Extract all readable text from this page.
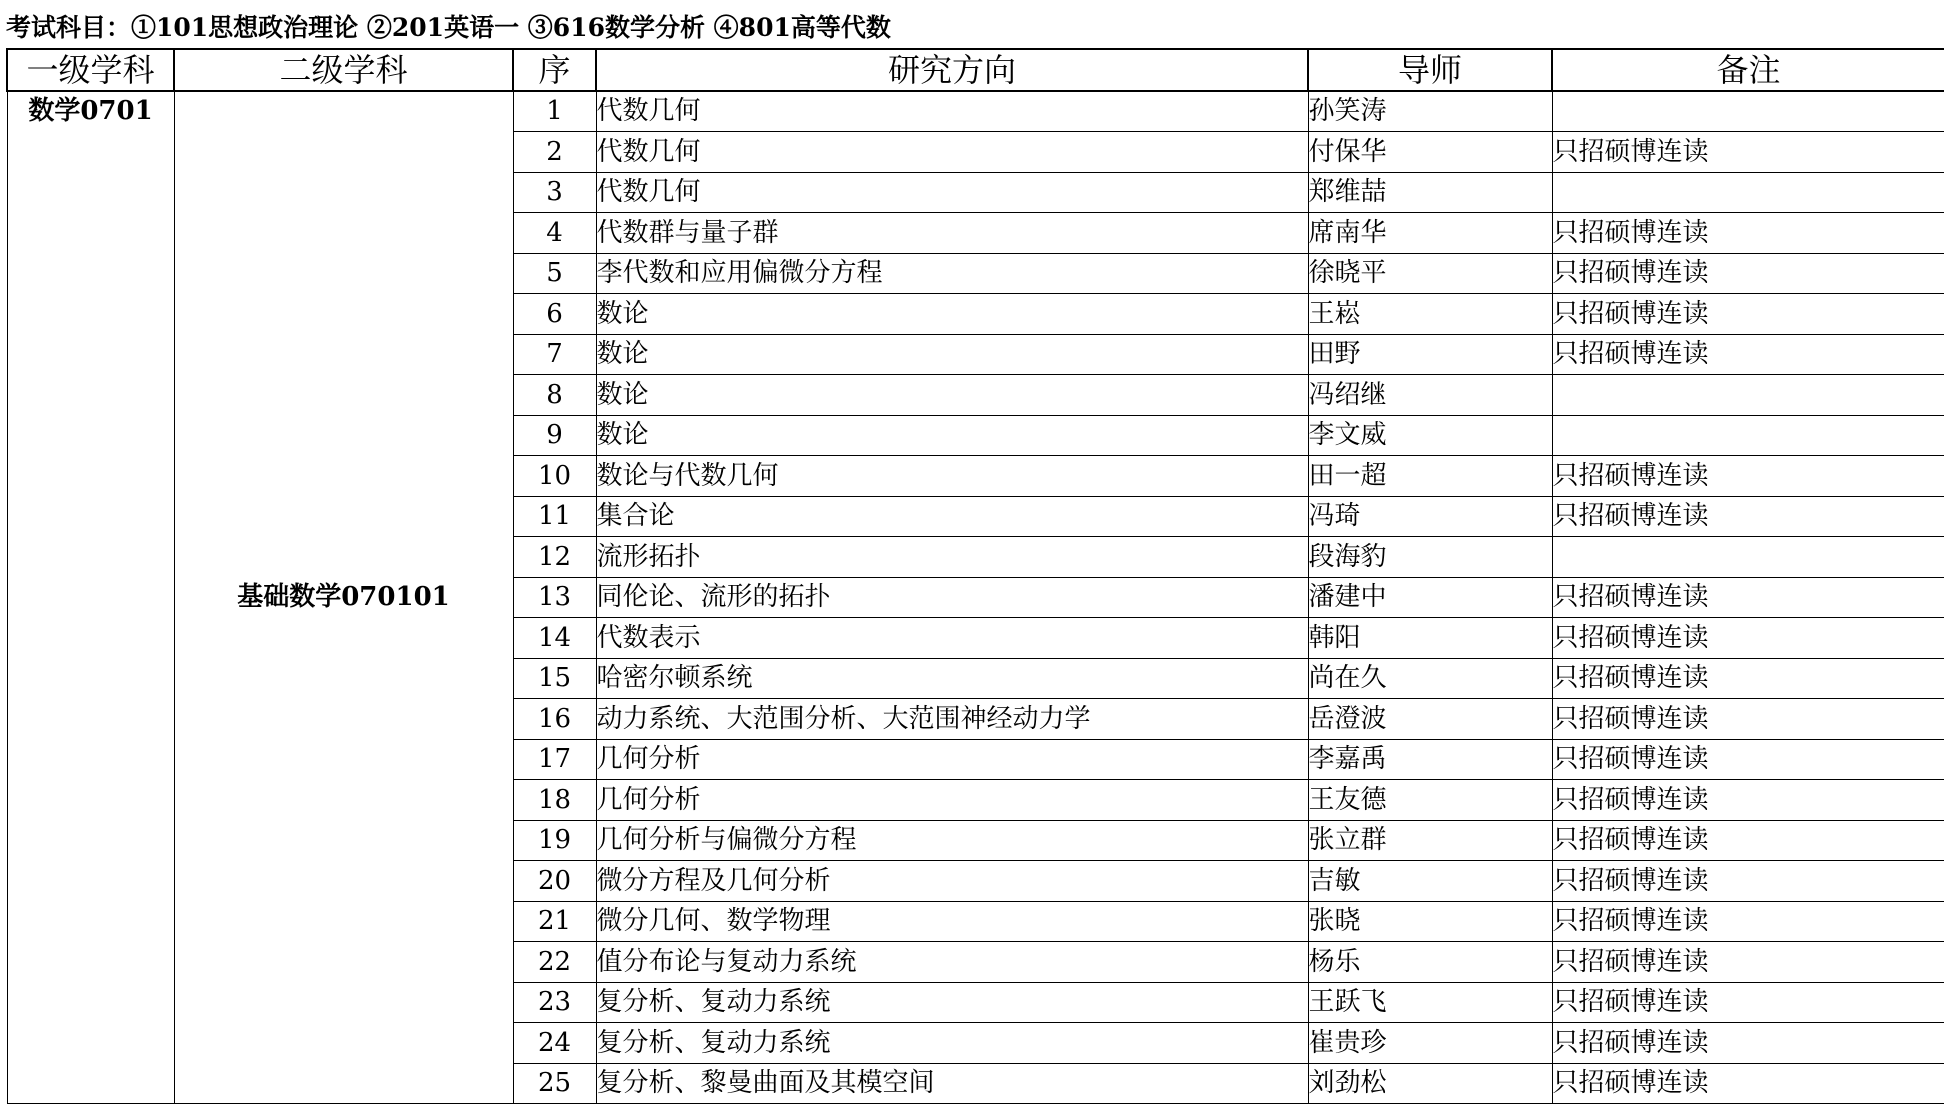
考试科目：①101思想政治理论 ②201英语一 ③616数学分析 ④801高等代数
一级学科	二级学科	序	研究方向	导师	备注
数学0701	基础数学070101	1	代数几何	孙笑涛	
		2	代数几何	付保华	只招硕博连读
		3	代数几何	郑维喆	
		4	代数群与量子群	席南华	只招硕博连读
		5	李代数和应用偏微分方程	徐晓平	只招硕博连读
		6	数论	王崧	只招硕博连读
		7	数论	田野	只招硕博连读
		8	数论	冯绍继	
		9	数论	李文威	
		10	数论与代数几何	田一超	只招硕博连读
		11	集合论	冯琦	只招硕博连读
		12	流形拓扑	段海豹	
		13	同伦论、流形的拓扑	潘建中	只招硕博连读
		14	代数表示	韩阳	只招硕博连读
		15	哈密尔顿系统	尚在久	只招硕博连读
		16	动力系统、大范围分析、大范围神经动力学	岳澄波	只招硕博连读
		17	几何分析	李嘉禹	只招硕博连读
		18	几何分析	王友德	只招硕博连读
		19	几何分析与偏微分方程	张立群	只招硕博连读
		20	微分方程及几何分析	吉敏	只招硕博连读
		21	微分几何、数学物理	张晓	只招硕博连读
		22	值分布论与复动力系统	杨乐	只招硕博连读
		23	复分析、复动力系统	王跃飞	只招硕博连读
		24	复分析、复动力系统	崔贵珍	只招硕博连读
		25	复分析、黎曼曲面及其模空间	刘劲松	只招硕博连读
